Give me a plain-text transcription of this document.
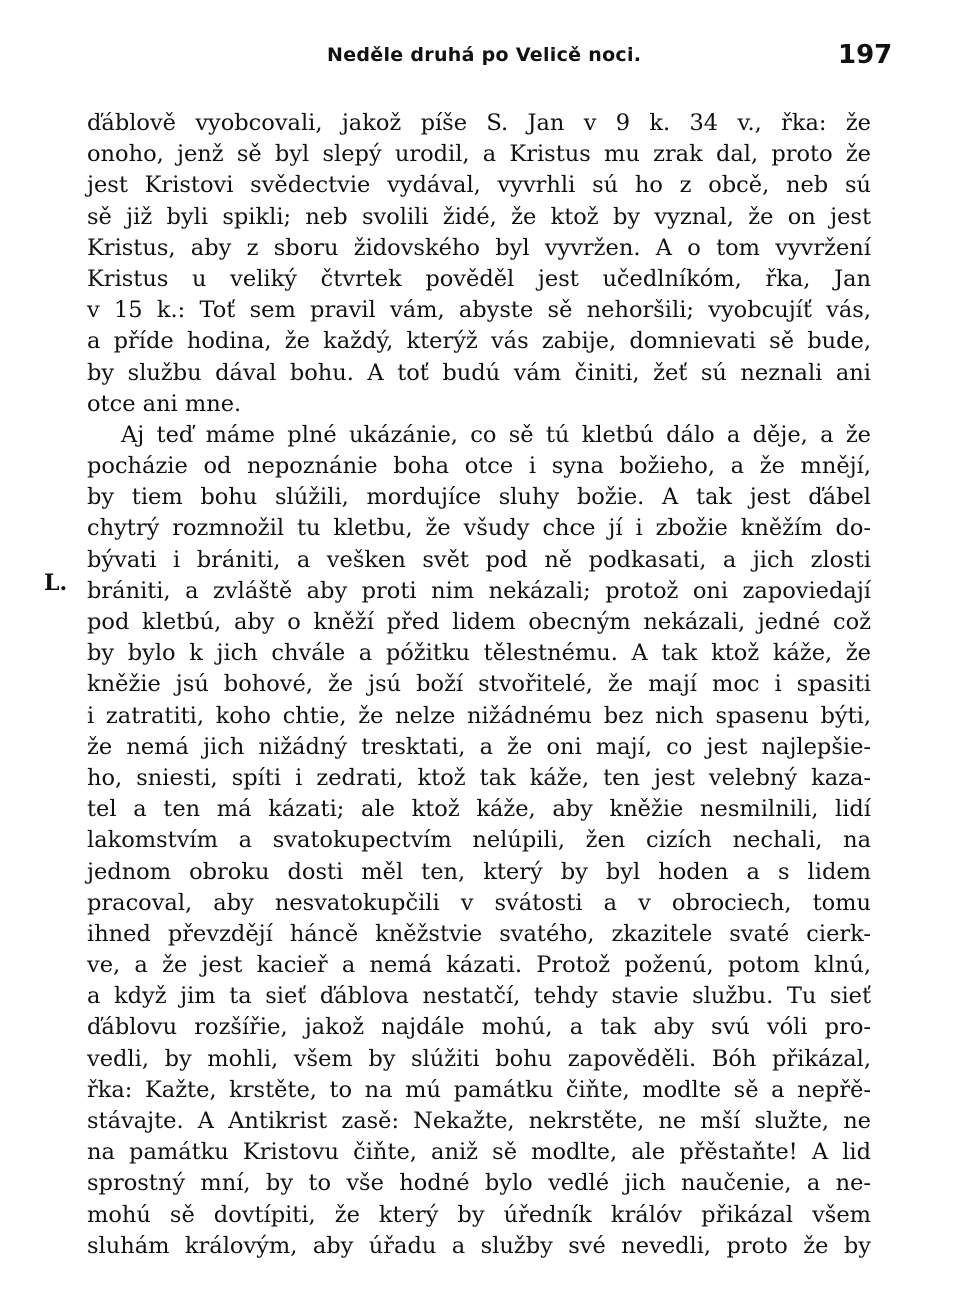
Neděle druhá po Velicě noci.	197
L.
ďáblově vyobcovali, jakož píše S. Jan v 9 k. 34 v., řka: že
onoho, jenž sě byl slepý urodil, a Kristus mu zrak dal, proto že
jest Kristovi svědectvie vydával, vyvrhli sú ho z obcě, neb sú
sě již byli spikli; neb svolili židé, že ktož by vyznal, že on jest
Kristus, aby z sboru židovského byl vyvržen. A o tom vyvržení
Kristus u veliký čtvrtek pověděl jest učedlníkóm, řka, Jan
v 15 k.: Toť sem pravil vám, abyste sě nehoršili; vyobcujíť vás,
a příde hodina, že každý, kterýž vás zabije, domnievati sě bude,
by službu dával bohu. A toť budú vám činiti, žeť sú neznali ani
otce ani mne.
Aj teď máme plné ukázánie, co sě tú kletbú dálo a děje, a že
pocházie od nepoznánie boha otce i syna božieho, a že mnějí,
by tiem bohu slúžili, mordujíce sluhy božie. A tak jest ďábel
chytrý rozmnožil tu kletbu, že všudy chce jí i zbožie kněžím do-
bývati i brániti, a vešken svět pod ně podkasati, a jich zlosti
brániti, a zvláště aby proti nim nekázali; protož oni zapoviedají
pod kletbú, aby o kněží před lidem obecným nekázali, jedné což
by bylo k jich chvále a póžitku tělestnému. A tak ktož káže, že
kněžie jsú bohové, že jsú boží stvořitelé, že mají moc i spasiti
i zatratiti, koho chtie, že nelze nižádnému bez nich spasenu býti,
že nemá jich nižádný tresktati, a že oni mají, co jest najlepšie-
ho, sniesti, spíti i zedrati, ktož tak káže, ten jest velebný kaza-
tel a ten má kázati; ale ktož káže, aby kněžie nesmilnili, lidí
lakomstvím a svatokupectvím nelúpili, žen cizích nechali, na
jednom obroku dosti měl ten, který by byl hoden a s lidem
pracoval, aby nesvatokupčili v svátosti a v obrociech, tomu
ihned převzdějí háncě kněžstvie svatého, zkazitele svaté cierk-
ve, a že jest kacieř a nemá kázati. Protož poženú, potom klnú,
a když jim ta sieť ďáblova nestatčí, tehdy stavie službu. Tu sieť
ďáblovu rozšířie, jakož najdále mohú, a tak aby svú vóli pro-
vedli, by mohli, všem by slúžiti bohu zapověděli. Bóh přikázal,
řka: Kažte, krstěte, to na mú památku čiňte, modlte sě a nepřě-
stávajte. A Antikrist zasě: Nekažte, nekrstěte, ne mší služte, ne
na památku Kristovu čiňte, aniž sě modlte, ale přěstaňte! A lid
sprostný mní, by to vše hodné bylo vedlé jich naučenie, a ne-
mohú sě dovtípiti, že který by úředník králóv přikázal všem
sluhám královým, aby úřadu a služby své nevedli, proto že by
